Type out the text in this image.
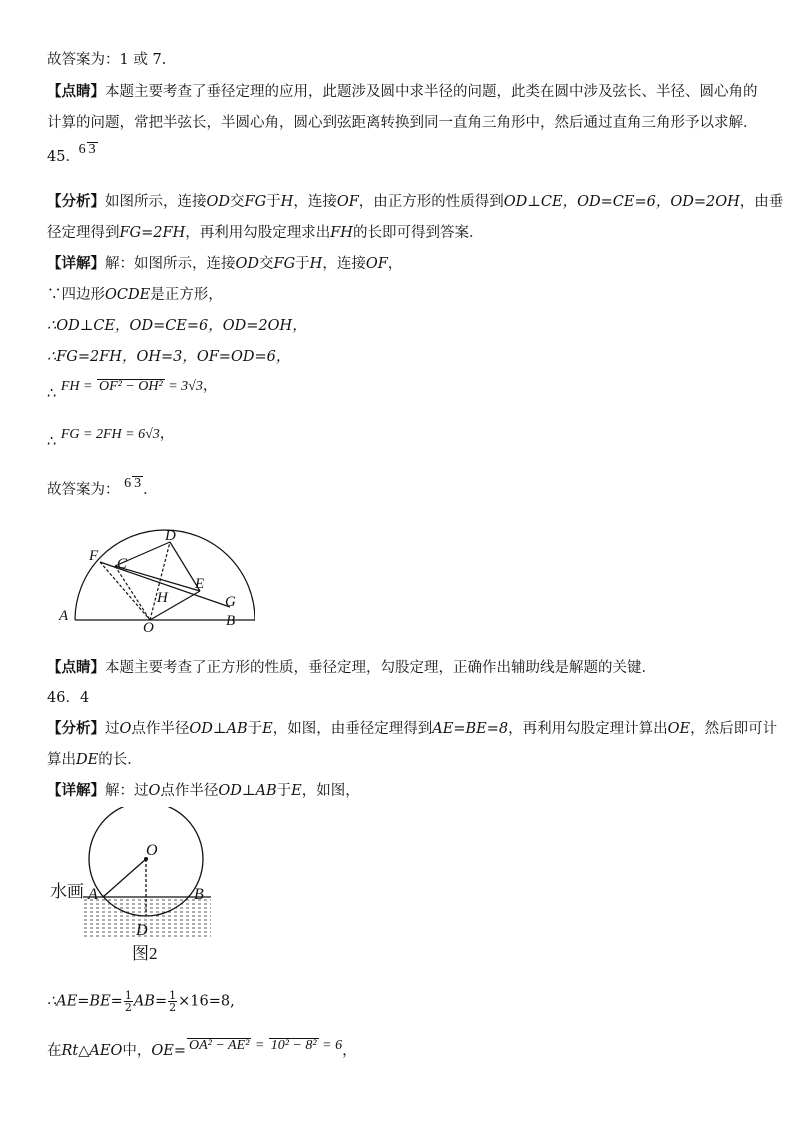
故答案为：1 或 7.
【点睛】本题主要考查了垂径定理的应用，此题涉及圆中求半径的问题，此类在圆中涉及弦长、半径、圆心角的
计算的问题，常把半弦长，半圆心角，圆心到弦距离转换到同一直角三角形中，然后通过直角三角形予以求解．
45． 6 3
【分析】如图所示，连接OD交FG于H，连接OF，由正方形的性质得到OD⊥CE，OD=CE=6，OD=2OH，由垂
径定理得到FG=2FH，再利用勾股定理求出FH的长即可得到答案．
【详解】解：如图所示，连接OD交FG于H，连接OF，
∵四边形OCDE是正方形，
∴OD⊥CE，OD=CE=6，OD=2OH，
∴FG=2FH，OH=3，OF=OD=6，
∴ FH = OF² − OH² = 3√3，
∴ FG = 2FH = 6√3，
故答案为： 6 3 ．
A	B
O
F C
D
H
E
G
【点睛】本题主要考查了正方形的性质，垂径定理，勾股定理，正确作出辅助线是解题的关键．
46．4
【分析】过O点作半径OD⊥AB于E，如图，由垂径定理得到AE=BE=8，再利用勾股定理计算出OE，然后即可计
算出DE的长．
【详解】解：过O点作半径OD⊥AB于E，如图，
O
A	B
D
水画
图2
∴AE=BE= $\frac{1}{2} AB= \frac{1}{2} \times 16=8$,
在Rt△AEO中，OE= OA² − AE² = 10² − 8² = 6，
